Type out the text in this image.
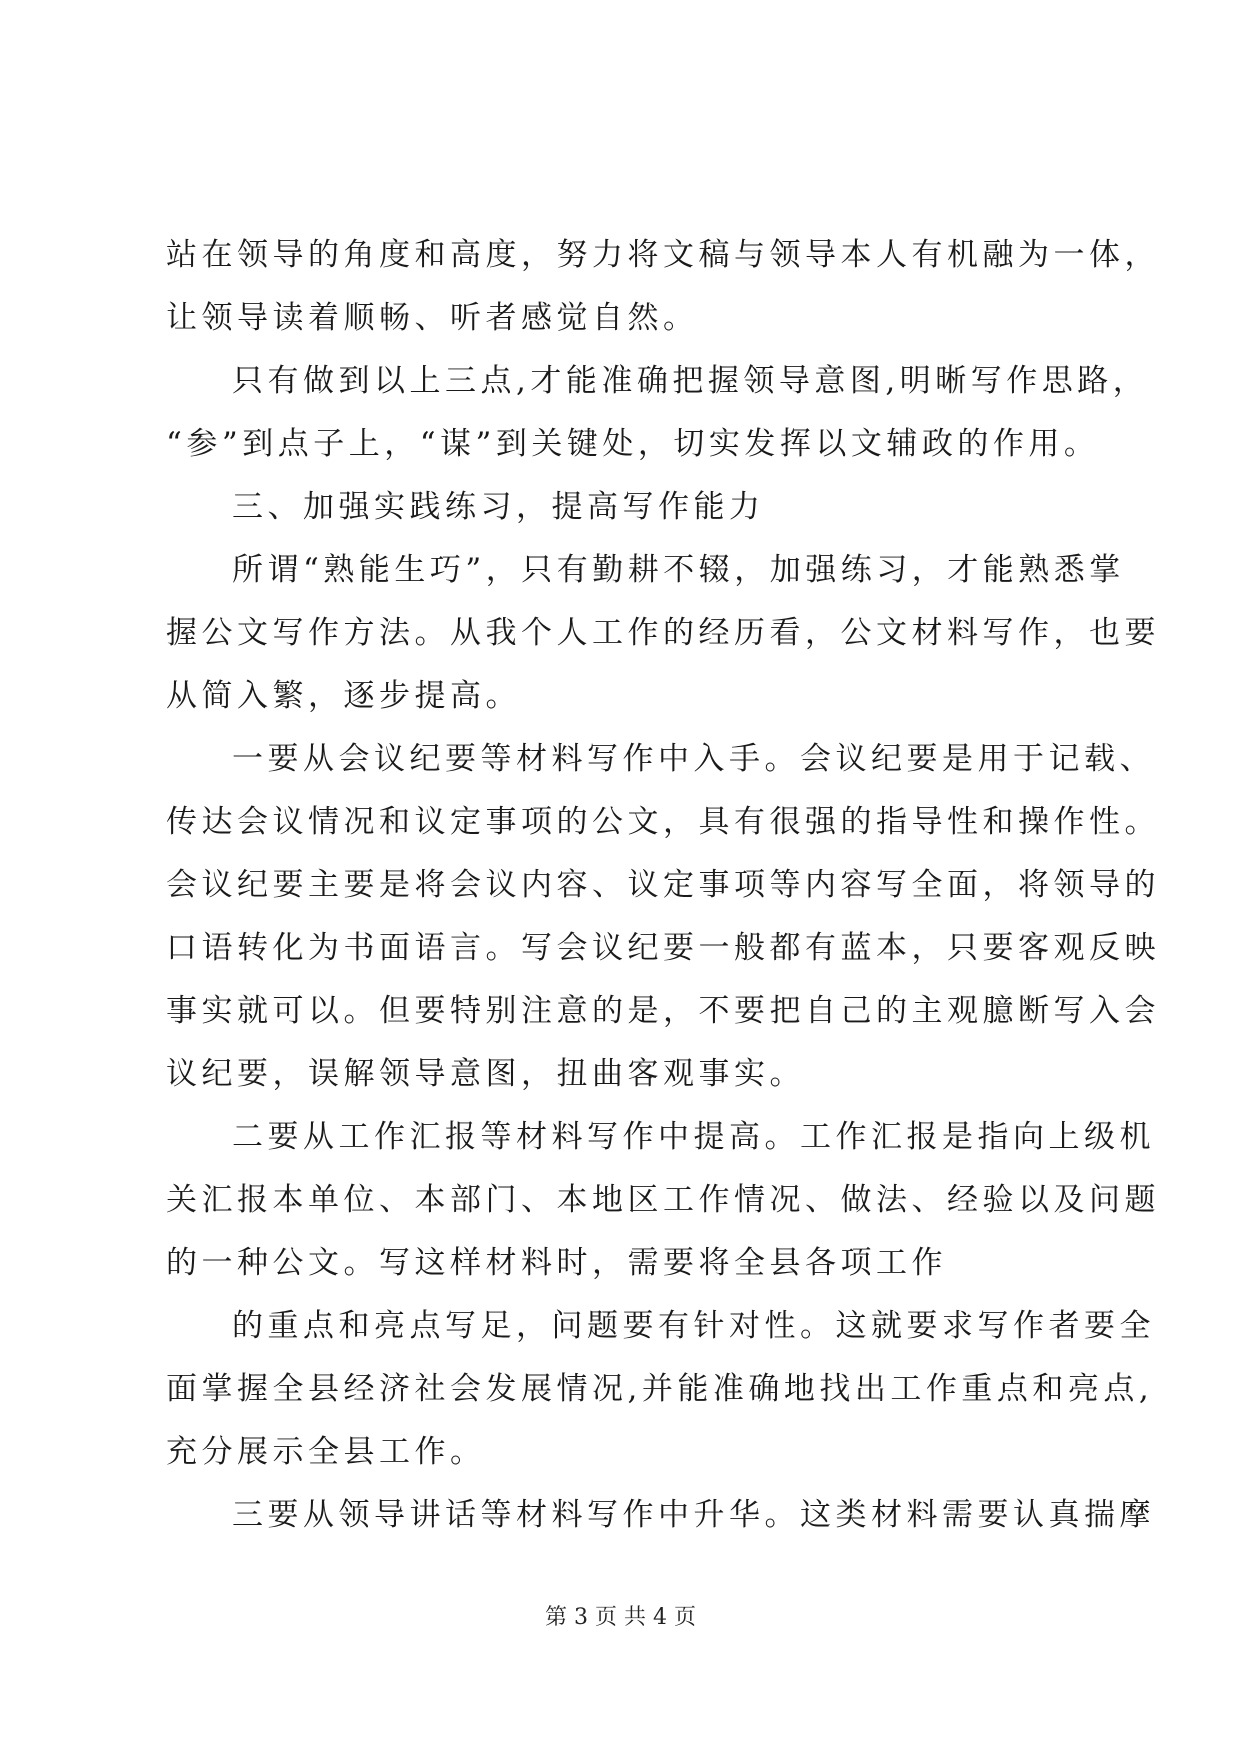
站在领导的角度和高度，努力将文稿与领导本人有机融为一体，
让领导读着顺畅、听者感觉自然。
只有做到以上三点,才能准确把握领导意图,明晰写作思路，
“参”到点子上，“谋”到关键处，切实发挥以文辅政的作用。
三、加强实践练习，提高写作能力
所谓“熟能生巧”，只有勤耕不辍，加强练习，才能熟悉掌
握公文写作方法。从我个人工作的经历看，公文材料写作，也要
从简入繁，逐步提高。
一要从会议纪要等材料写作中入手。会议纪要是用于记载、
传达会议情况和议定事项的公文，具有很强的指导性和操作性。
会议纪要主要是将会议内容、议定事项等内容写全面，将领导的
口语转化为书面语言。写会议纪要一般都有蓝本，只要客观反映
事实就可以。但要特别注意的是，不要把自己的主观臆断写入会
议纪要，误解领导意图，扭曲客观事实。
二要从工作汇报等材料写作中提高。工作汇报是指向上级机
关汇报本单位、本部门、本地区工作情况、做法、经验以及问题
的一种公文。写这样材料时，需要将全县各项工作
的重点和亮点写足，问题要有针对性。这就要求写作者要全
面掌握全县经济社会发展情况,并能准确地找出工作重点和亮点,
充分展示全县工作。
三要从领导讲话等材料写作中升华。这类材料需要认真揣摩
第 3 页 共 4 页
